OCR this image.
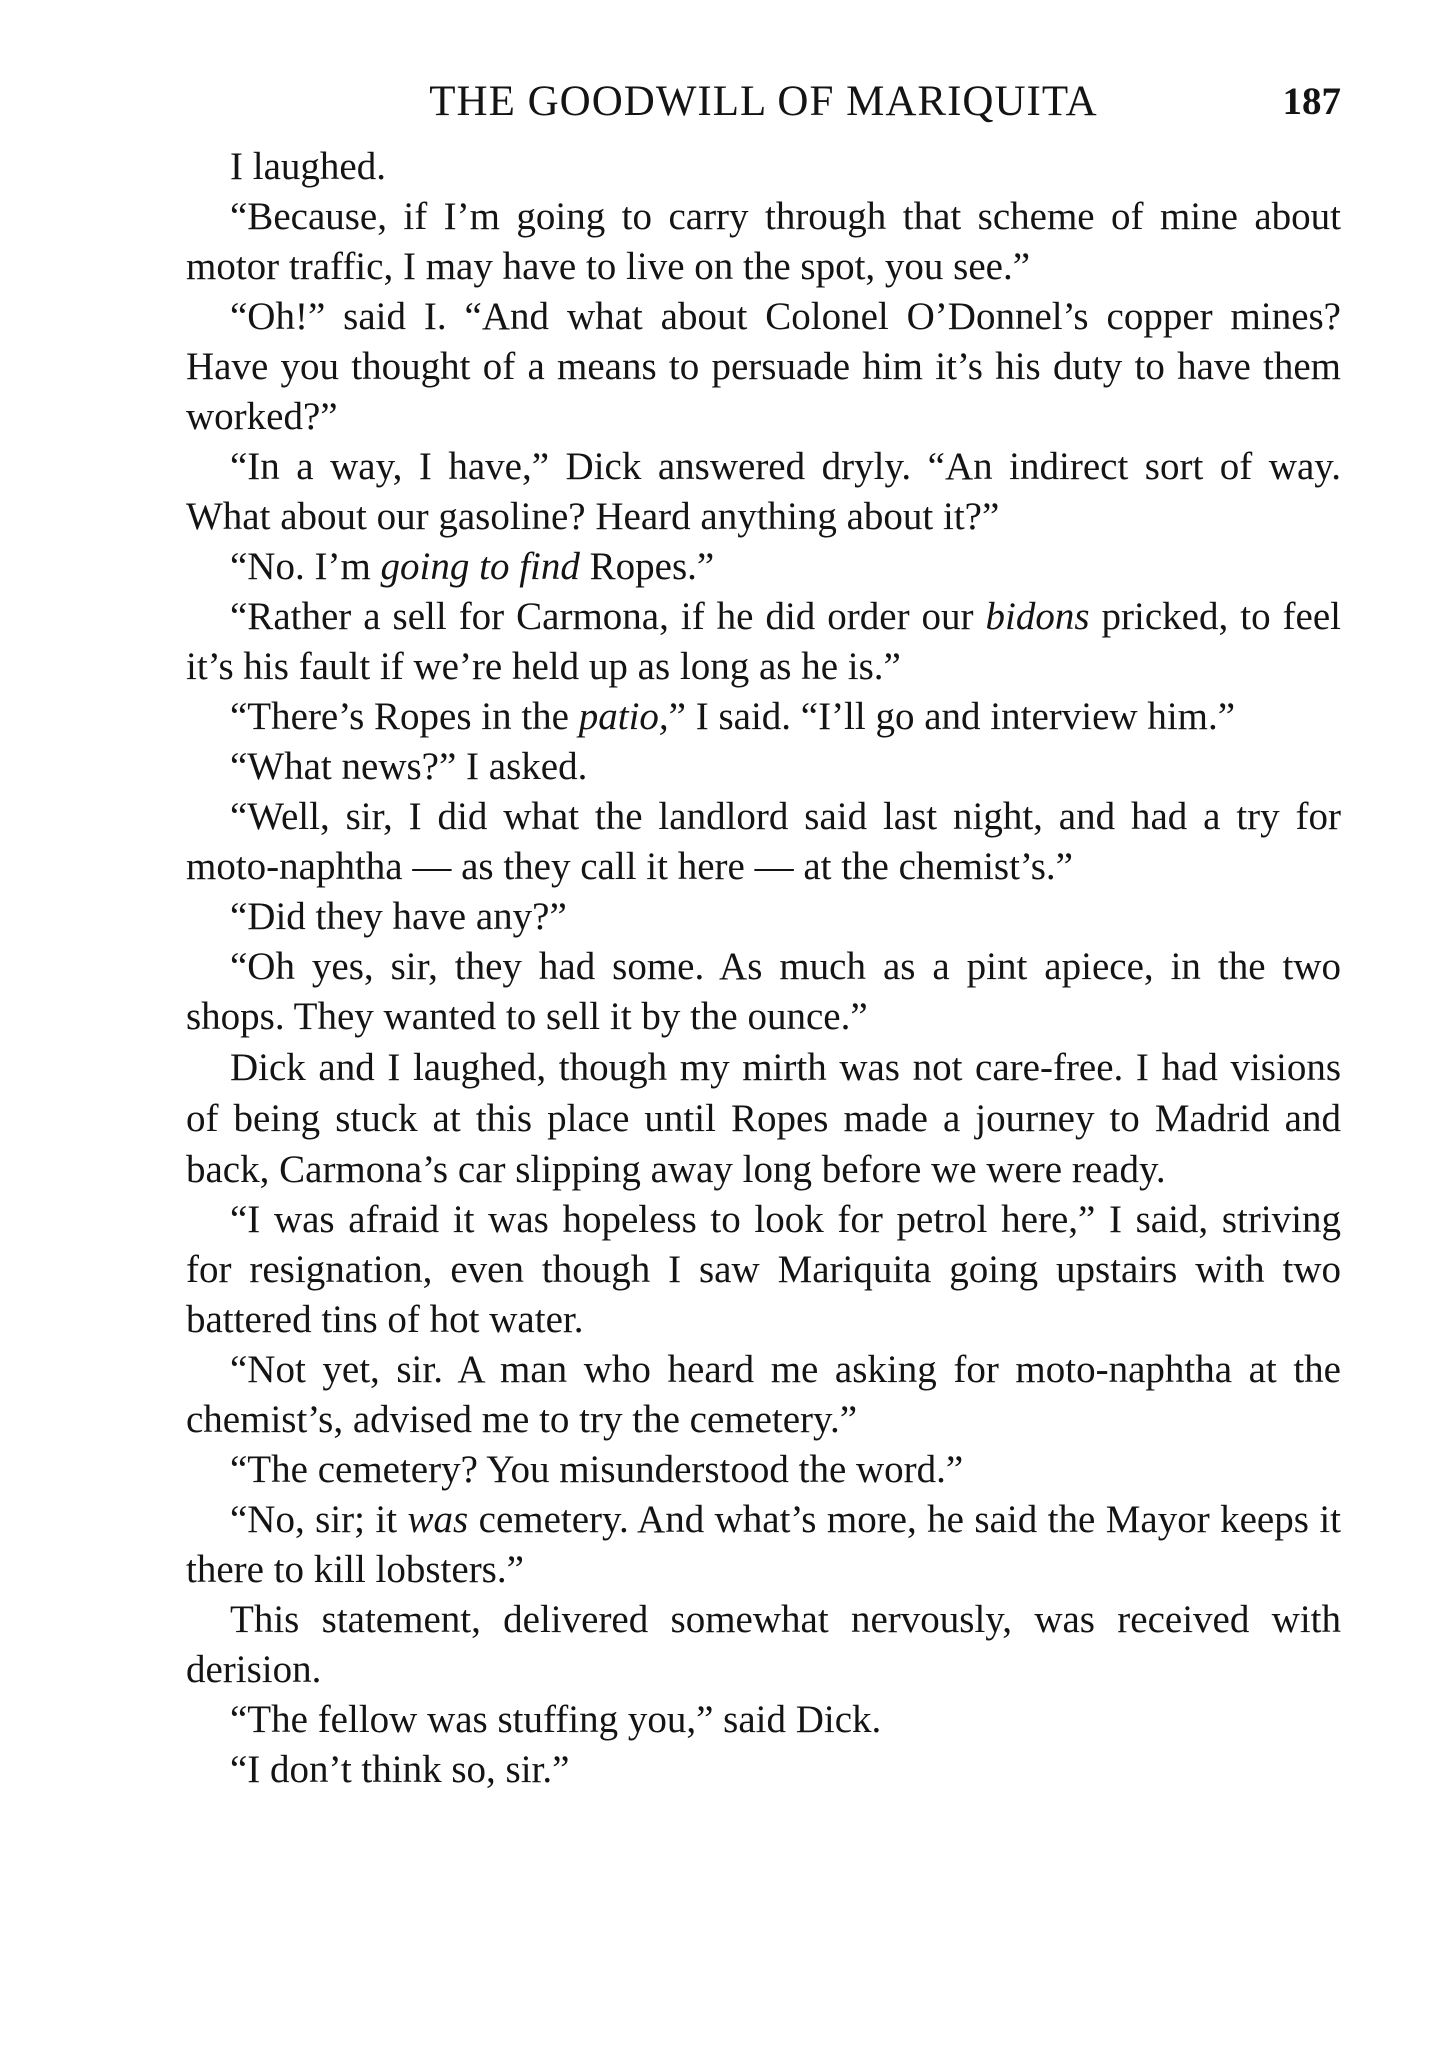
THE GOODWILL OF MARIQUITA	187

I laughed.

“Because, if I’m going to carry through that scheme of mine about motor traffic, I may have to live on the spot, you see.”

“Oh!” said I. “And what about Colonel O’Donnel’s copper mines? Have you thought of a means to persuade him it’s his duty to have them worked?”

“In a way, I have,” Dick answered dryly. “An indirect sort of way. What about our gasoline? Heard anything about it?”

“No. I’m going to find Ropes.”

“Rather a sell for Carmona, if he did order our bidons pricked, to feel it’s his fault if we’re held up as long as he is.”

“There’s Ropes in the patio,” I said. “I’ll go and interview him.”

“What news?” I asked.

“Well, sir, I did what the landlord said last night, and had a try for moto-naphtha — as they call it here — at the chemist’s.”

“Did they have any?”

“Oh yes, sir, they had some. As much as a pint apiece, in the two shops. They wanted to sell it by the ounce.”

Dick and I laughed, though my mirth was not care-free. I had visions of being stuck at this place until Ropes made a journey to Madrid and back, Carmona’s car slipping away long before we were ready.

“I was afraid it was hopeless to look for petrol here,” I said, striving for resignation, even though I saw Mariquita going upstairs with two battered tins of hot water.

“Not yet, sir. A man who heard me asking for moto-naphtha at the chemist’s, advised me to try the cemetery.”

“The cemetery? You misunderstood the word.”

“No, sir; it was cemetery. And what’s more, he said the Mayor keeps it there to kill lobsters.”

This statement, delivered somewhat nervously, was received with derision.

“The fellow was stuffing you,” said Dick.

“I don’t think so, sir.”
